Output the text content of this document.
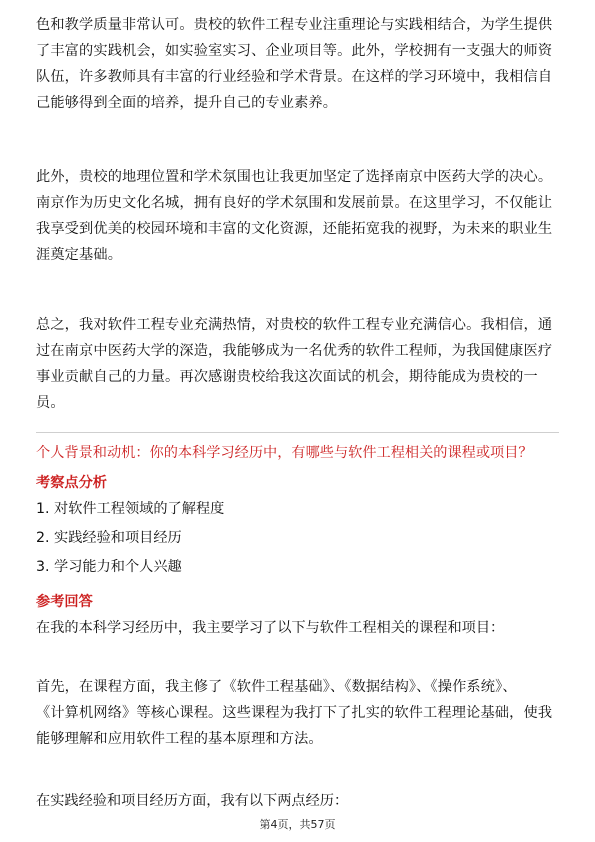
色和教学质量非常认可。贵校的软件工程专业注重理论与实践相结合，为学生提供
了丰富的实践机会，如实验室实习、企业项目等。此外，学校拥有一支强大的师资
队伍，许多教师具有丰富的行业经验和学术背景。在这样的学习环境中，我相信自
己能够得到全面的培养，提升自己的专业素养。
此外，贵校的地理位置和学术氛围也让我更加坚定了选择南京中医药大学的决心。
南京作为历史文化名城，拥有良好的学术氛围和发展前景。在这里学习，不仅能让
我享受到优美的校园环境和丰富的文化资源，还能拓宽我的视野，为未来的职业生
涯奠定基础。
总之，我对软件工程专业充满热情，对贵校的软件工程专业充满信心。我相信，通
过在南京中医药大学的深造，我能够成为一名优秀的软件工程师，为我国健康医疗
事业贡献自己的力量。再次感谢贵校给我这次面试的机会，期待能成为贵校的一
员。

个人背景和动机：你的本科学习经历中，有哪些与软件工程相关的课程或项目？

考察点分析

1. 对软件工程领域的了解程度

2. 实践经验和项目经历

3. 学习能力和个人兴趣

参考回答

在我的本科学习经历中，我主要学习了以下与软件工程相关的课程和项目：

首先，在课程方面，我主修了《软件工程基础》、《数据结构》、《操作系统》、
《计算机网络》等核心课程。这些课程为我打下了扎实的软件工程理论基础，使我
能够理解和应用软件工程的基本原理和方法。

在实践经验和项目经历方面，我有以下两点经历：

第4页，共57页
